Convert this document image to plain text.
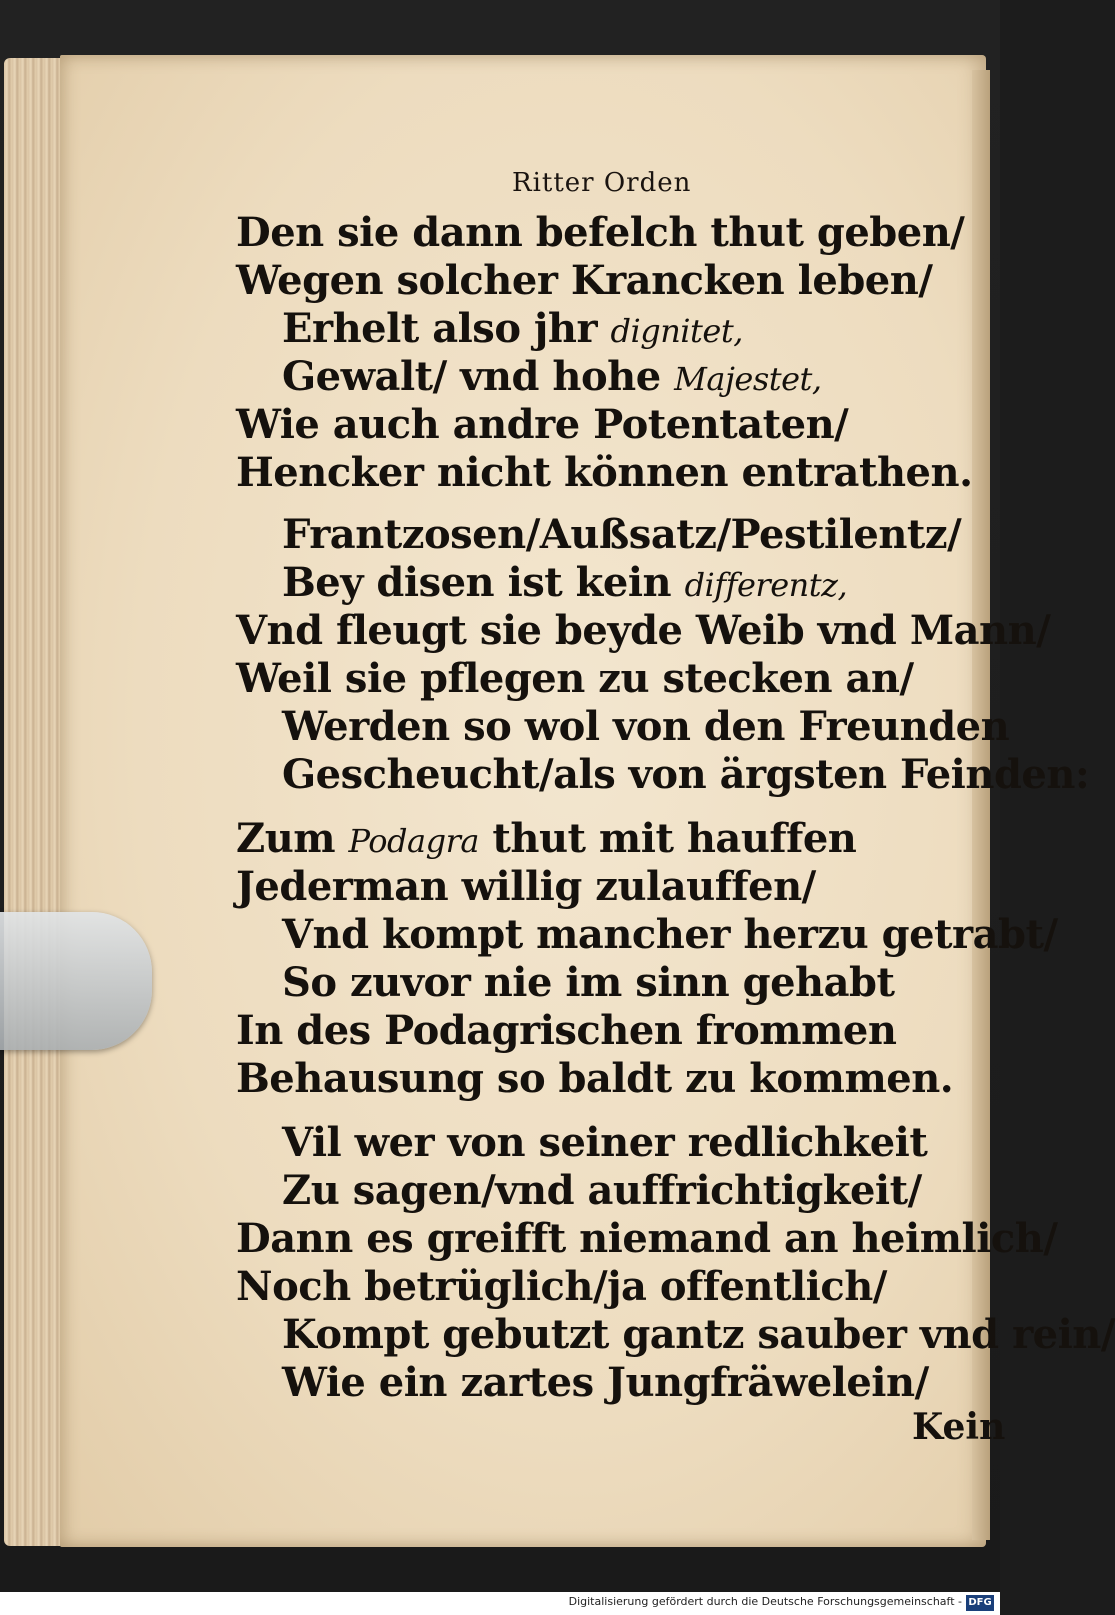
Ritter Orden
Den sie dann befelch thut geben/
Wegen solcher Krancken leben/
Erhelt also jhr dignitet,
Gewalt/ vnd hohe Majestet,
Wie auch andre Potentaten/
Hencker nicht können entrathen.
Frantzosen/Außsatz/Pestilentz/
Bey disen ist kein differentz,
Vnd fleugt sie beyde Weib vnd Mann/
Weil sie pflegen zu stecken an/
Werden so wol von den Freunden
Gescheucht/als von ärgsten Feinden:
Zum Podagra thut mit hauffen
Jederman willig zulauffen/
Vnd kompt mancher herzu getrabt/
So zuvor nie im sinn gehabt
In des Podagrischen frommen
Behausung so baldt zu kommen.
Vil wer von seiner redlichkeit
Zu sagen/vnd auffrichtigkeit/
Dann es greifft niemand an heimlich/
Noch betrüglich/ja offentlich/
Kompt gebutzt gantz sauber vnd rein/
Wie ein zartes Jungfräwelein/
Kein
Digitalisierung gefördert durch die Deutsche Forschungsgemeinschaft - DFG
